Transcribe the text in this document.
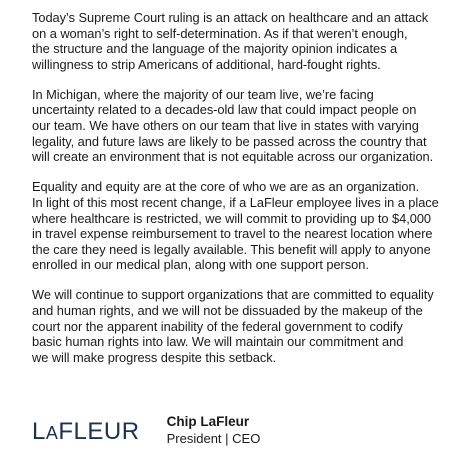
Today’s Supreme Court ruling is an attack on healthcare and an attack
on a woman’s right to self-determination. As if that weren’t enough,
the structure and the language of the majority opinion indicates a
willingness to strip Americans of additional, hard-fought rights.

In Michigan, where the majority of our team live, we’re facing
uncertainty related to a decades-old law that could impact people on
our team. We have others on our team that live in states with varying
legality, and future laws are likely to be passed across the country that
will create an environment that is not equitable across our organization.

Equality and equity are at the core of who we are as an organization.
In light of this most recent change, if a LaFleur employee lives in a place
where healthcare is restricted, we will commit to providing up to $4,000
in travel expense reimbursement to travel to the nearest location where
the care they need is legally available. This benefit will apply to anyone
enrolled in our medical plan, along with one support person.

We will continue to support organizations that are committed to equality
and human rights, and we will not be dissuaded by the makeup of the
court nor the apparent inability of the federal government to codify
basic human rights into law. We will maintain our commitment and
we will make progress despite this setback.

LAFLEUR Chip LaFleur
President | CEO
